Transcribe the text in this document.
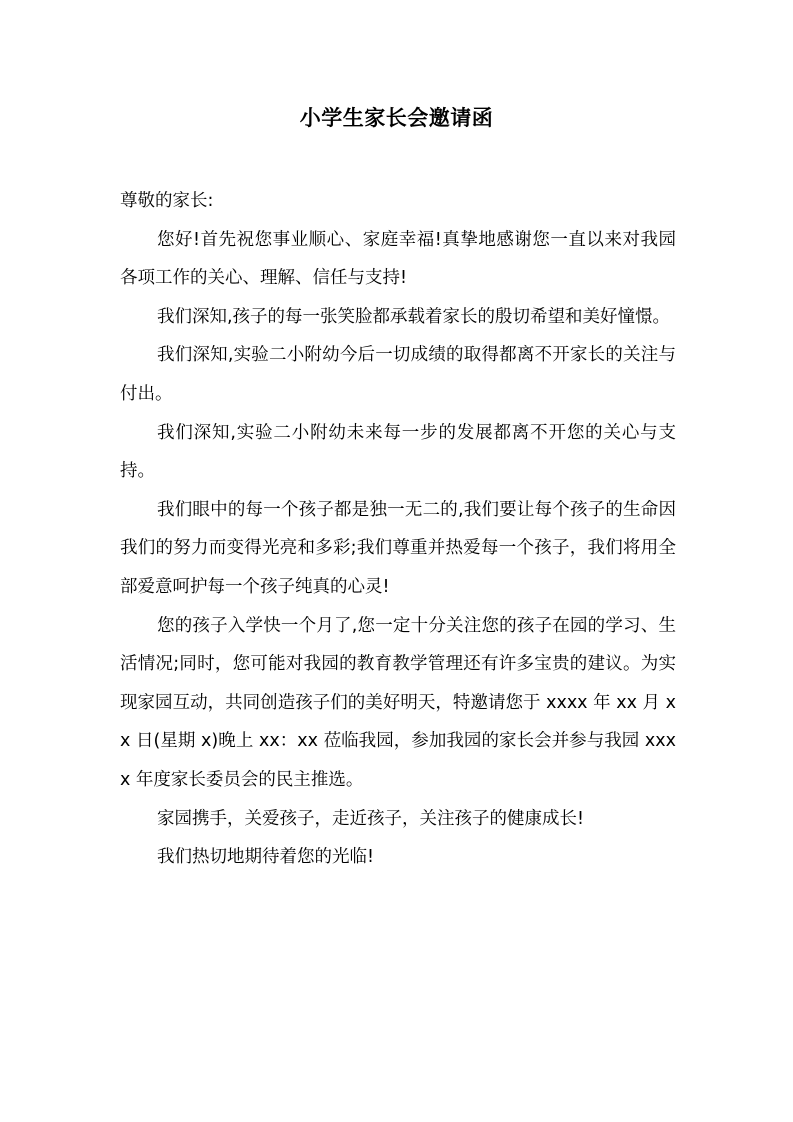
小学生家长会邀请函

尊敬的家长:

您好!首先祝您事业顺心、家庭幸福!真挚地感谢您一直以来对我园各项工作的关心、理解、信任与支持!

我们深知,孩子的每一张笑脸都承载着家长的殷切希望和美好憧憬。

我们深知,实验二小附幼今后一切成绩的取得都离不开家长的关注与付出。

我们深知,实验二小附幼未来每一步的发展都离不开您的关心与支持。

我们眼中的每一个孩子都是独一无二的,我们要让每个孩子的生命因我们的努力而变得光亮和多彩;我们尊重并热爱每一个孩子，我们将用全部爱意呵护每一个孩子纯真的心灵!

您的孩子入学快一个月了,您一定十分关注您的孩子在园的学习、生活情况;同时，您可能对我园的教育教学管理还有许多宝贵的建议。为实现家园互动，共同创造孩子们的美好明天，特邀请您于 xxxx 年 xx 月 xx 日(星期 x)晚上 xx：xx 莅临我园，参加我园的家长会并参与我园 xxxx 年度家长委员会的民主推选。

家园携手，关爱孩子，走近孩子，关注孩子的健康成长!

我们热切地期待着您的光临!
